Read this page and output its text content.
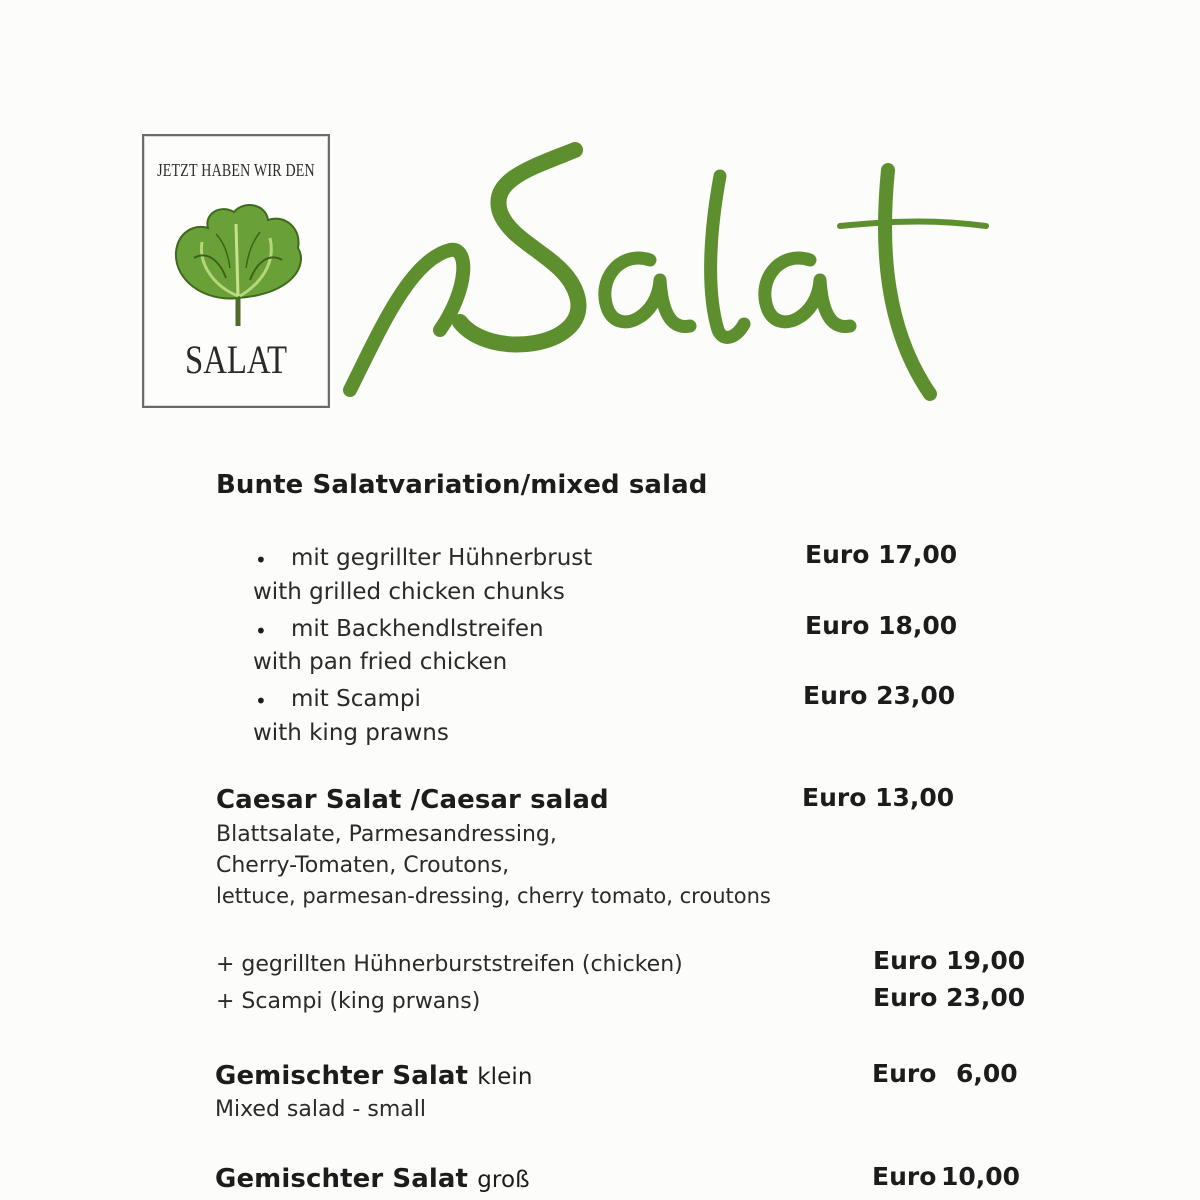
JETZT HABEN WIR DEN
SALAT
Bunte Salatvariation/mixed salad
• mit gegrillter Hühnerbrust	Euro 17,00
with grilled chicken chunks
• mit Backhendlstreifen	Euro 18,00
with pan fried chicken
• mit Scampi	Euro 23,00
with king prawns
Caesar Salat /Caesar salad	Euro 13,00
Blattsalate, Parmesandressing,
Cherry-Tomaten, Croutons,
lettuce, parmesan-dressing, cherry tomato, croutons
+ gegrillten Hühnerburststreifen (chicken)	Euro 19,00
+ Scampi (king prwans)	Euro 23,00
Gemischter Salat klein	Euro 6,00
Mixed salad - small
Gemischter Salat groß	Euro 10,00
